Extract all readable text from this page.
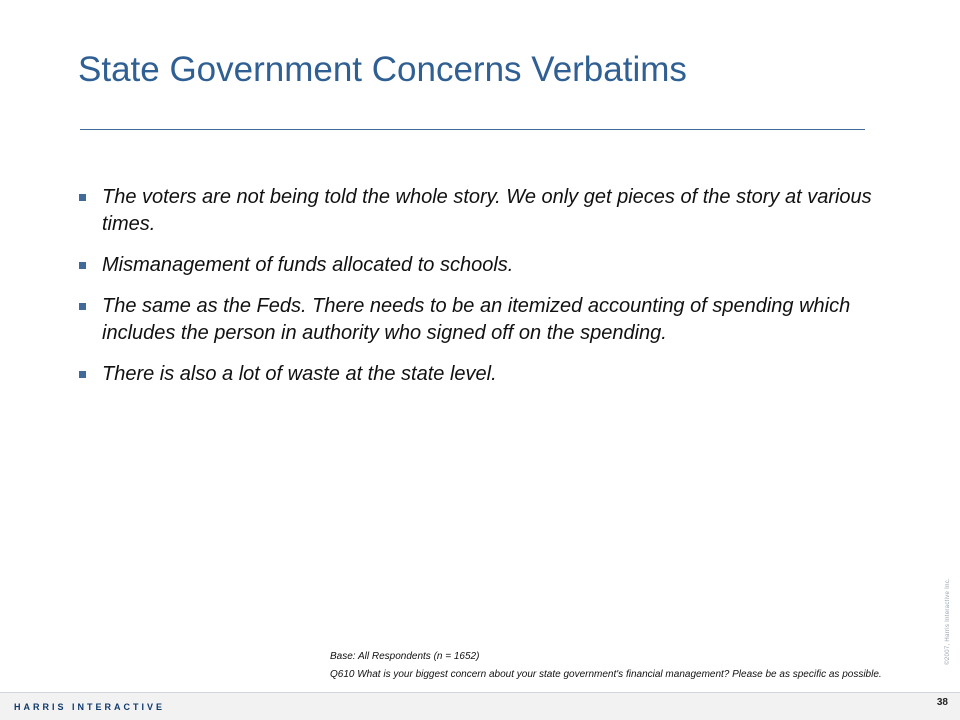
State Government Concerns Verbatims
The voters are not being told the whole story. We only get pieces of the story at various times.
Mismanagement of funds allocated to schools.
The same as the Feds. There needs to be an itemized accounting of spending which includes the person in authority who signed off on the spending.
There is also a lot of waste at the state level.
©2007, Harris Interactive Inc.
Base: All Respondents (n = 1652)
Q610 What is your biggest concern about your state government's financial management? Please be as specific as possible.
HARRIS INTERACTIVE	38
